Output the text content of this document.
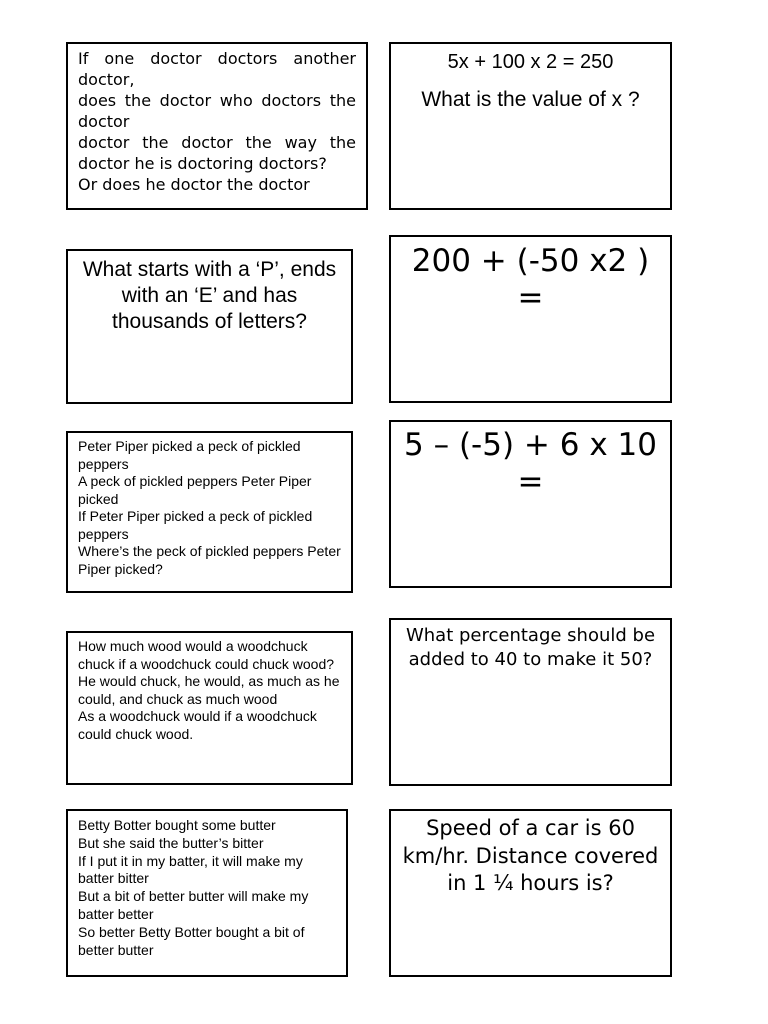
If one doctor doctors another doctor,
does the doctor who doctors the doctor
doctor the doctor the way the doctor he is doctoring doctors?
Or does he doctor the doctor

5x + 100 x 2 = 250

What is the value of x ?

What starts with a ‘P’, ends with an ‘E’ and has thousands of letters?

200 + (-50 x2 ) =

Peter Piper picked a peck of pickled peppers
A peck of pickled peppers Peter Piper picked
If Peter Piper picked a peck of pickled peppers
Where’s the peck of pickled peppers Peter Piper picked?

5 – (-5) + 6 x 10 =

How much wood would a woodchuck chuck if a woodchuck could chuck wood?
He would chuck, he would, as much as he could, and chuck as much wood
As a woodchuck would if a woodchuck could chuck wood.

What percentage should be added to 40 to make it 50?

Betty Botter bought some butter
But she said the butter’s bitter
If I put it in my batter, it will make my batter bitter
But a bit of better butter will make my batter better
So better Betty Botter bought a bit of better butter

Speed of a car is 60 km/hr. Distance covered in 1 ¼ hours is?
